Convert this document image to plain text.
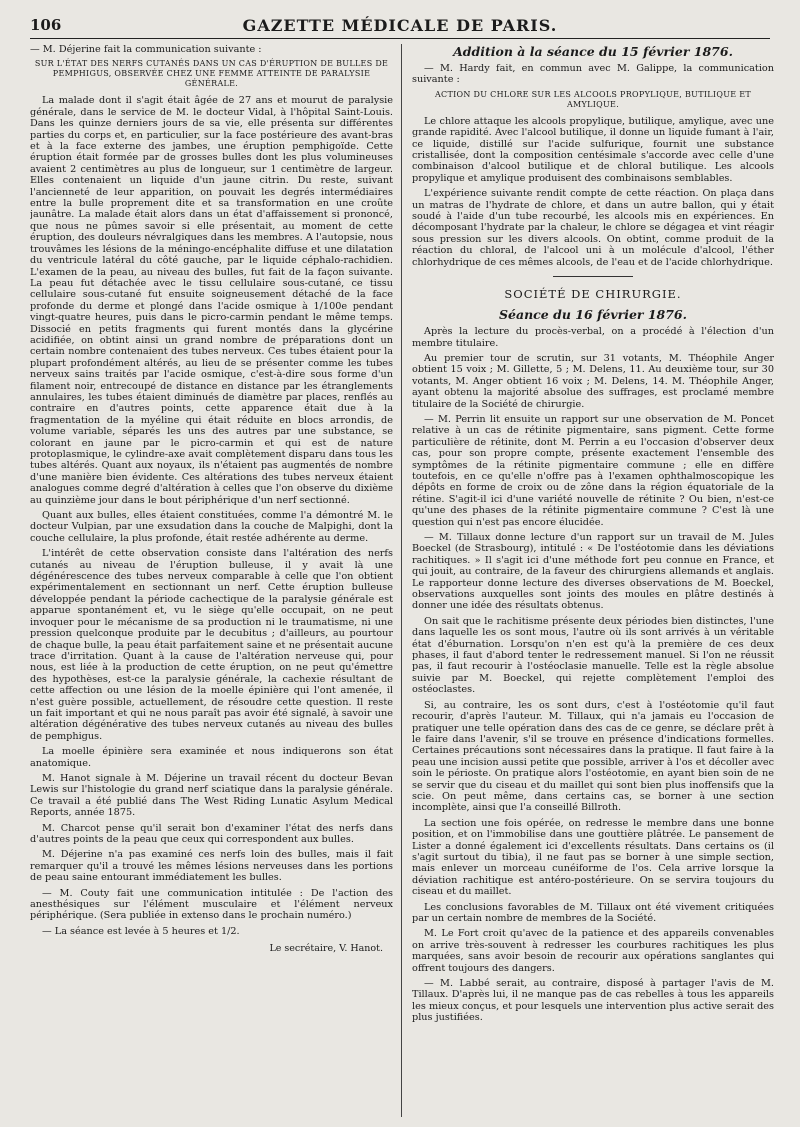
106	GAZETTE MÉDICALE DE PARIS.

— M. Déjerine fait la communication suivante :

SUR L'ÉTAT DES NERFS CUTANÉS DANS UN CAS D'ÉRUPTION DE BULLES DE PEMPHIGUS, OBSERVÉE CHEZ UNE FEMME ATTEINTE DE PARALYSIE GÉNÉRALE.

La malade dont il s'agit était âgée de 27 ans et mourut de paralysie générale, dans le service de M. le docteur Vidal, à l'hôpital Saint-Louis. Dans les quinze derniers jours de sa vie, elle présenta sur différentes parties du corps et, en particulier, sur la face postérieure des avant-bras et à la face externe des jambes, une éruption pemphigoïde. Cette éruption était formée par de grosses bulles dont les plus volumineuses avaient 2 centimètres au plus de longueur, sur 1 centimètre de largeur. Elles contenaient un liquide d'un jaune citrin. Du reste, suivant l'ancienneté de leur apparition, on pouvait les degrés intermédiaires entre la bulle proprement dite et sa transformation en une croûte jaunâtre. La malade était alors dans un état d'affaissement si prononcé, que nous ne pûmes savoir si elle présentait, au moment de cette éruption, des douleurs névralgiques dans les membres. A l'autopsie, nous trouvâmes les lésions de la méningo-encéphalite diffuse et une dilatation du ventricule latéral du côté gauche, par le liquide céphalo-rachidien. L'examen de la peau, au niveau des bulles, fut fait de la façon suivante. La peau fut détachée avec le tissu cellulaire sous-cutané, ce tissu cellulaire sous-cutané fut ensuite soigneusement détaché de la face profonde du derme et plongé dans l'acide osmique à 1/100e pendant vingt-quatre heures, puis dans le picro-carmin pendant le même temps. Dissocié en petits fragments qui furent montés dans la glycérine acidifiée, on obtint ainsi un grand nombre de préparations dont un certain nombre contenaient des tubes nerveux. Ces tubes étaient pour la plupart profondément altérés, au lieu de se présenter comme les tubes nerveux sains traités par l'acide osmique, c'est-à-dire sous forme d'un filament noir, entrecoupé de distance en distance par les étranglements annulaires, les tubes étaient diminués de diamètre par places, renflés au contraire en d'autres points, cette apparence était due à la fragmentation de la myéline qui était réduite en blocs arrondis, de volume variable, séparés les uns des autres par une substance, se colorant en jaune par le picro-carmin et qui est de nature protoplasmique, le cylindre-axe avait complètement disparu dans tous les tubes altérés. Quant aux noyaux, ils n'étaient pas augmentés de nombre d'une manière bien évidente. Ces altérations des tubes nerveux étaient analogues comme degré d'altération à celles que l'on observe du dixième au quinzième jour dans le bout périphérique d'un nerf sectionné.

Quant aux bulles, elles étaient constituées, comme l'a démontré M. le docteur Vulpian, par une exsudation dans la couche de Malpighi, dont la couche cellulaire, la plus profonde, était restée adhérente au derme.

L'intérêt de cette observation consiste dans l'altération des nerfs cutanés au niveau de l'éruption bulleuse, il y avait là une dégénérescence des tubes nerveux comparable à celle que l'on obtient expérimentalement en sectionnant un nerf. Cette éruption bulleuse développée pendant la période cachectique de la paralysie générale est apparue spontanément et, vu le siège qu'elle occupait, on ne peut invoquer pour le mécanisme de sa production ni le traumatisme, ni une pression quelconque produite par le decubitus ; d'ailleurs, au pourtour de chaque bulle, la peau était parfaitement saine et ne présentait aucune trace d'irritation. Quant à la cause de l'altération nerveuse qui, pour nous, est liée à la production de cette éruption, on ne peut qu'émettre des hypothèses, est-ce la paralysie générale, la cachexie résultant de cette affection ou une lésion de la moelle épinière qui l'ont amenée, il n'est guère possible, actuellement, de résoudre cette question. Il reste un fait important et qui ne nous paraît pas avoir été signalé, à savoir une altération dégénérative des tubes nerveux cutanés au niveau des bulles de pemphigus.

La moelle épinière sera examinée et nous indiquerons son état anatomique.

M. Hanot signale à M. Déjerine un travail récent du docteur Bevan Lewis sur l'histologie du grand nerf sciatique dans la paralysie générale. Ce travail a été publié dans The West Riding Lunatic Asylum Medical Reports, année 1875.

M. Charcot pense qu'il serait bon d'examiner l'état des nerfs dans d'autres points de la peau que ceux qui correspondent aux bulles.

M. Déjerine n'a pas examiné ces nerfs loin des bulles, mais il fait remarquer qu'il a trouvé les mêmes lésions nerveuses dans les portions de peau saine entourant immédiatement les bulles.

— M. Couty fait une communication intitulée : De l'action des anesthésiques sur l'élément musculaire et l'élément nerveux périphérique. (Sera publiée in extenso dans le prochain numéro.)

— La séance est levée à 5 heures et 1/2.

Le secrétaire, V. Hanot.
Addition à la séance du 15 février 1876.

— M. Hardy fait, en commun avec M. Galippe, la communication suivante :

ACTION DU CHLORE SUR LES ALCOOLS PROPYLIQUE, BUTILIQUE ET AMYLIQUE.

Le chlore attaque les alcools propylique, butilique, amylique, avec une grande rapidité. Avec l'alcool butilique, il donne un liquide fumant à l'air, ce liquide, distillé sur l'acide sulfurique, fournit une substance cristallisée, dont la composition centésimale s'accorde avec celle d'une combinaison d'alcool butilique et de chloral butilique. Les alcools propylique et amylique produisent des combinaisons semblables.

L'expérience suivante rendit compte de cette réaction. On plaça dans un matras de l'hydrate de chlore, et dans un autre ballon, qui y était soudé à l'aide d'un tube recourbé, les alcools mis en expériences. En décomposant l'hydrate par la chaleur, le chlore se dégagea et vint réagir sous pression sur les divers alcools. On obtint, comme produit de la réaction du chloral, de l'alcool uni à un molécule d'alcool, l'éther chlorhydrique de ces mêmes alcools, de l'eau et de l'acide chlorhydrique.

SOCIÉTÉ DE CHIRURGIE.
Séance du 16 février 1876.

Après la lecture du procès-verbal, on a procédé à l'élection d'un membre titulaire.

Au premier tour de scrutin, sur 31 votants, M. Théophile Anger obtient 15 voix ; M. Gillette, 5 ; M. Delens, 11. Au deuxième tour, sur 30 votants, M. Anger obtient 16 voix ; M. Delens, 14. M. Théophile Anger, ayant obtenu la majorité absolue des suffrages, est proclamé membre titulaire de la Société de chirurgie.

— M. Perrin lit ensuite un rapport sur une observation de M. Poncet relative à un cas de rétinite pigmentaire, sans pigment. Cette forme particulière de rétinite, dont M. Perrin a eu l'occasion d'observer deux cas, pour son propre compte, présente exactement l'ensemble des symptômes de la rétinite pigmentaire commune ; elle en diffère toutefois, en ce qu'elle n'offre pas à l'examen ophthalmoscopique les dépôts en forme de croix ou de zône dans la région équatoriale de la rétine. S'agit-il ici d'une variété nouvelle de rétinite ? Ou bien, n'est-ce qu'une des phases de la rétinite pigmentaire commune ? C'est là une question qui n'est pas encore élucidée.

— M. Tillaux donne lecture d'un rapport sur un travail de M. Jules Boeckel (de Strasbourg), intitulé : « De l'ostéotomie dans les déviations rachitiques. » Il s'agit ici d'une méthode fort peu connue en France, et qui jouit, au contraire, de la faveur des chirurgiens allemands et anglais. Le rapporteur donne lecture des diverses observations de M. Boeckel, observations auxquelles sont joints des moules en plâtre destinés à donner une idée des résultats obtenus.

On sait que le rachitisme présente deux périodes bien distinctes, l'une dans laquelle les os sont mous, l'autre où ils sont arrivés à un véritable état d'éburnation. Lorsqu'on n'en est qu'à la première de ces deux phases, il faut d'abord tenter le redressement manuel. Si l'on ne réussit pas, il faut recourir à l'ostéoclasie manuelle. Telle est la règle absolue suivie par M. Boeckel, qui rejette complètement l'emploi des ostéoclastes.

Si, au contraire, les os sont durs, c'est à l'ostéotomie qu'il faut recourir, d'après l'auteur. M. Tillaux, qui n'a jamais eu l'occasion de pratiquer une telle opération dans des cas de ce genre, se déclare prêt à le faire dans l'avenir, s'il se trouve en présence d'indications formelles. Certaines précautions sont nécessaires dans la pratique. Il faut faire à la peau une incision aussi petite que possible, arriver à l'os et décoller avec soin le périoste. On pratique alors l'ostéotomie, en ayant bien soin de ne se servir que du ciseau et du maillet qui sont bien plus inoffensifs que la scie. On peut même, dans certains cas, se borner à une section incomplète, ainsi que l'a conseillé Billroth.

La section une fois opérée, on redresse le membre dans une bonne position, et on l'immobilise dans une gouttière plâtrée. Le pansement de Lister a donné également ici d'excellents résultats. Dans certains os (il s'agit surtout du tibia), il ne faut pas se borner à une simple section, mais enlever un morceau cunéiforme de l'os. Cela arrive lorsque la déviation rachitique est antéro-postérieure. On se servira toujours du ciseau et du maillet.

Les conclusions favorables de M. Tillaux ont été vivement critiquées par un certain nombre de membres de la Société.

M. Le Fort croit qu'avec de la patience et des appareils convenables on arrive très-souvent à redresser les courbures rachitiques les plus marquées, sans avoir besoin de recourir aux opérations sanglantes qui offrent toujours des dangers.

— M. Labbé serait, au contraire, disposé à partager l'avis de M. Tillaux. D'après lui, il ne manque pas de cas rebelles à tous les appareils les mieux conçus, et pour lesquels une intervention plus active serait des plus justifiées.
